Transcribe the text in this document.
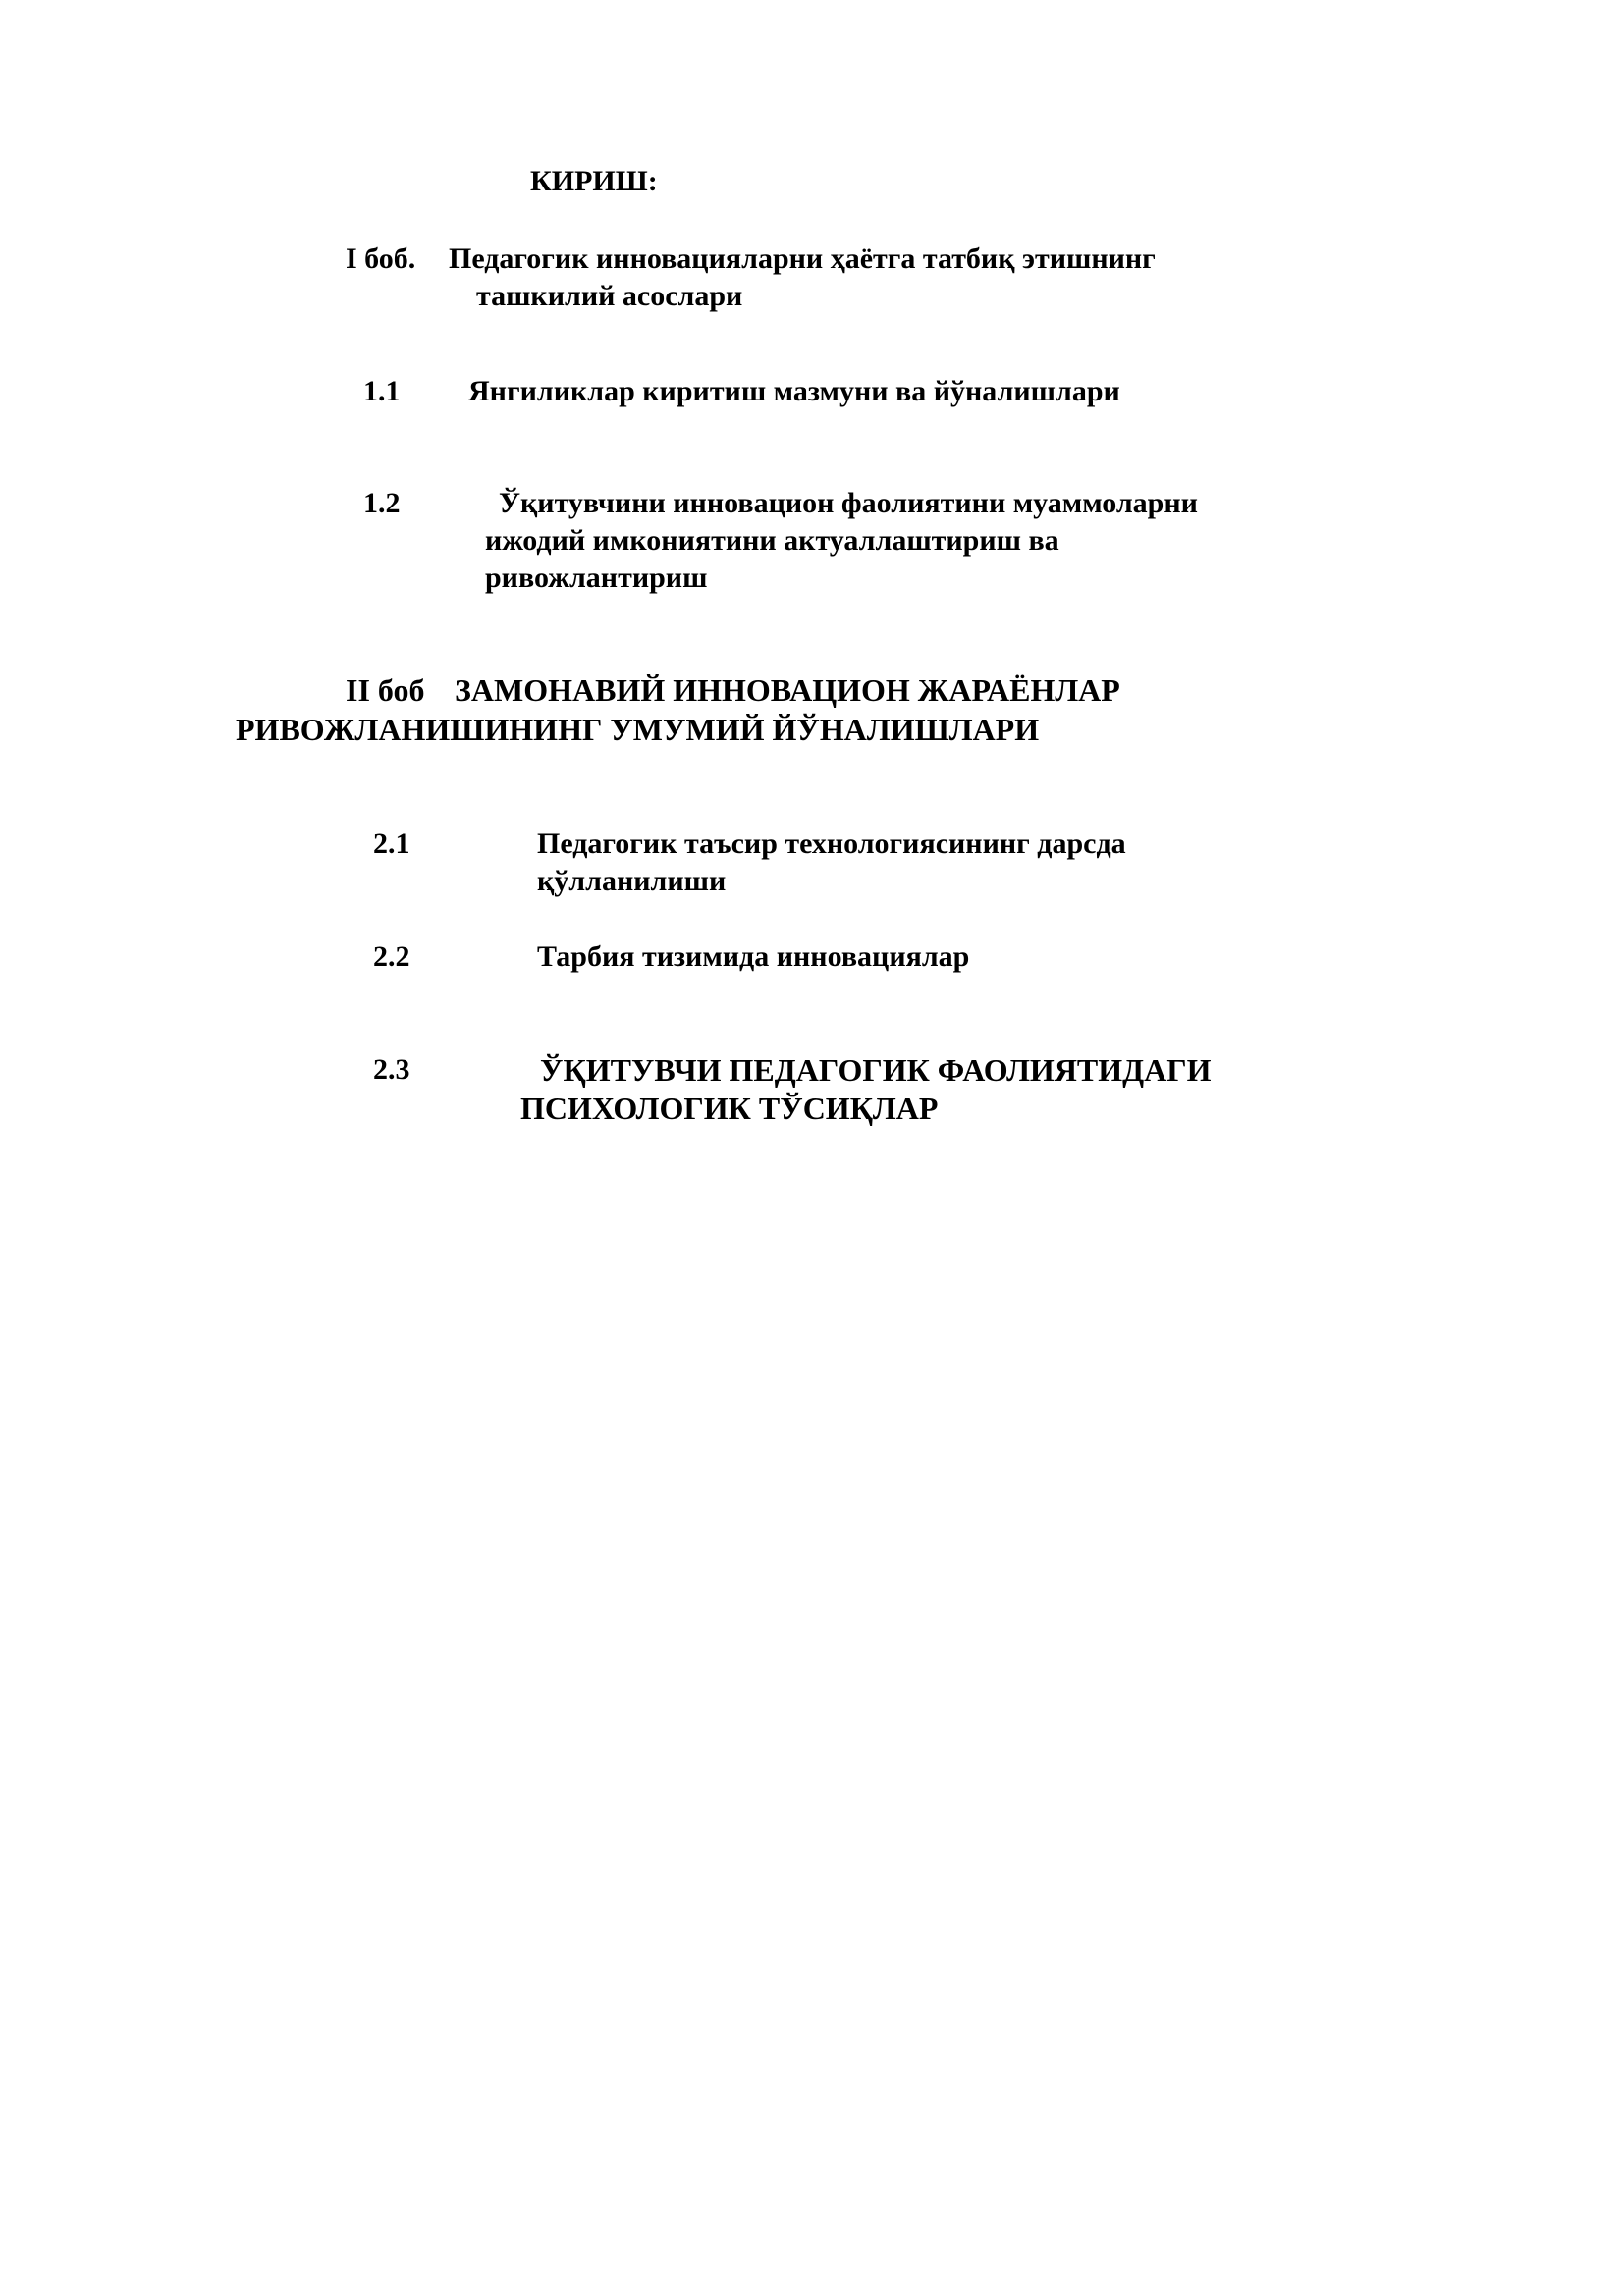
КИРИШ:
I боб. Педагогик инновацияларни ҳаётга татбиқ этишнинг
ташкилий асослари
1.1 Янгиликлар киритиш мазмуни ва йўналишлари
1.2	Ўқитувчини инновацион фаолиятини муаммоларни
ижодий имкониятини актуаллаштириш ва
ривожлантириш
II боб ЗАМОНАВИЙ ИННОВАЦИОН ЖАРАЁНЛАР
РИВОЖЛАНИШИНИНГ УМУМИЙ ЙЎНАЛИШЛАРИ
2.1	Педагогик таъсир технологиясининг дарсда
қўлланилиши
2.2	Тарбия тизимида инновациялар
2.3	ЎҚИТУВЧИ ПЕДАГОГИК ФАОЛИЯТИДАГИ
ПСИХОЛОГИК ТЎСИҚЛАР
